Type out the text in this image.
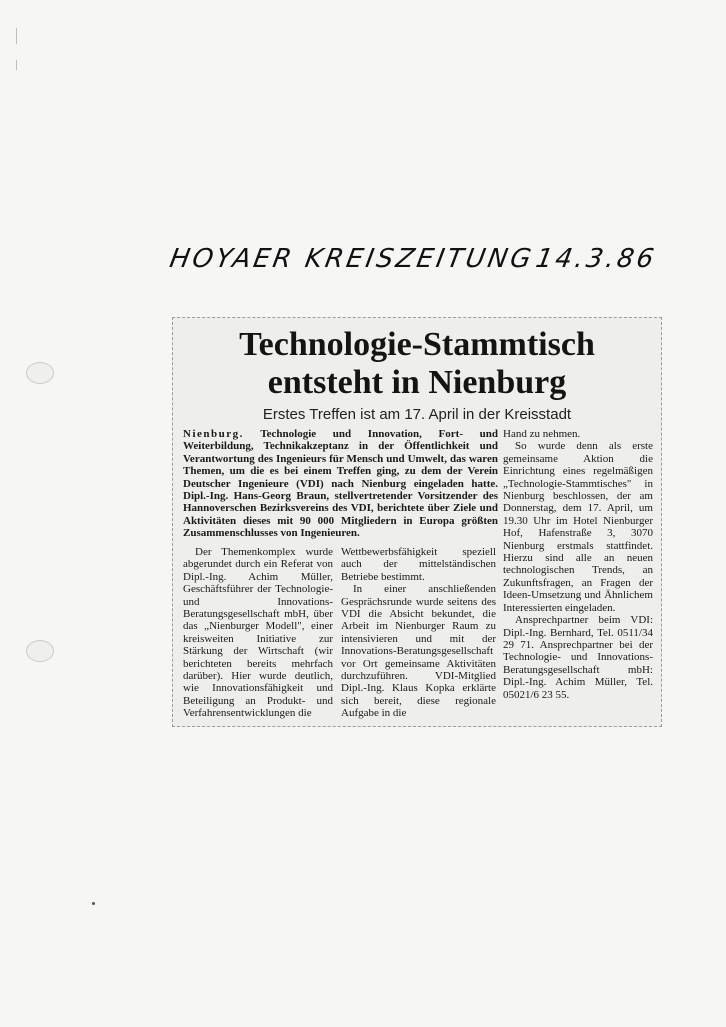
HOYAER KREISZEITUNG
14.3.86
Technologie-Stammtisch
entsteht in Nienburg
Erstes Treffen ist am 17. April in der Kreisstadt
Nienburg. Technologie und Innovation, Fort- und Weiterbildung, Technikakzeptanz in der Öffentlichkeit und Verantwortung des Ingenieurs für Mensch und Umwelt, das waren Themen, um die es bei einem Treffen ging, zu dem der Verein Deutscher Ingenieure (VDI) nach Nienburg eingeladen hatte. Dipl.-Ing. Hans-Georg Braun, stellvertretender Vorsitzender des Hannoverschen Bezirksvereins des VDI, berichtete über Ziele und Aktivitäten dieses mit 90 000 Mitgliedern in Europa größten Zusammenschlusses von Ingenieuren.

Der Themenkomplex wurde abgerundet durch ein Referat von Dipl.-Ing. Achim Müller, Geschäftsführer der Technologie- und Innovations-Beratungsgesellschaft mbH, über das „Nienburger Modell", einer kreisweiten Initiative zur Stärkung der Wirtschaft (wir berichteten bereits mehrfach darüber). Hier wurde deutlich, wie Innovationsfähigkeit und Beteiligung an Produkt- und Verfahrensentwicklungen die

Wettbewerbsfähigkeit speziell auch der mittelständischen Betriebe bestimmt.

In einer anschließenden Gesprächsrunde wurde seitens des VDI die Absicht bekundet, die Arbeit im Nienburger Raum zu intensivieren und mit der Innovations-Beratungsgesellschaft vor Ort gemeinsame Aktivitäten durchzuführen. VDI-Mitglied Dipl.-Ing. Klaus Kopka erklärte sich bereit, diese regionale Aufgabe in die

Hand zu nehmen.

So wurde denn als erste gemeinsame Aktion die Einrichtung eines regelmäßigen „Technologie-Stammtisches" in Nienburg beschlossen, der am Donnerstag, dem 17. April, um 19.30 Uhr im Hotel Nienburger Hof, Hafenstraße 3, 3070 Nienburg erstmals stattfindet. Hierzu sind alle an neuen technologischen Trends, an Zukunftsfragen, an Fragen der Ideen-Umsetzung und Ähnlichem Interessierten eingeladen.

Ansprechpartner beim VDI: Dipl.-Ing. Bernhard, Tel. 0511/34 29 71. Ansprechpartner bei der Technologie- und Innovations-Beratungsgesellschaft mbH: Dipl.-Ing. Achim Müller, Tel. 05021/6 23 55.
